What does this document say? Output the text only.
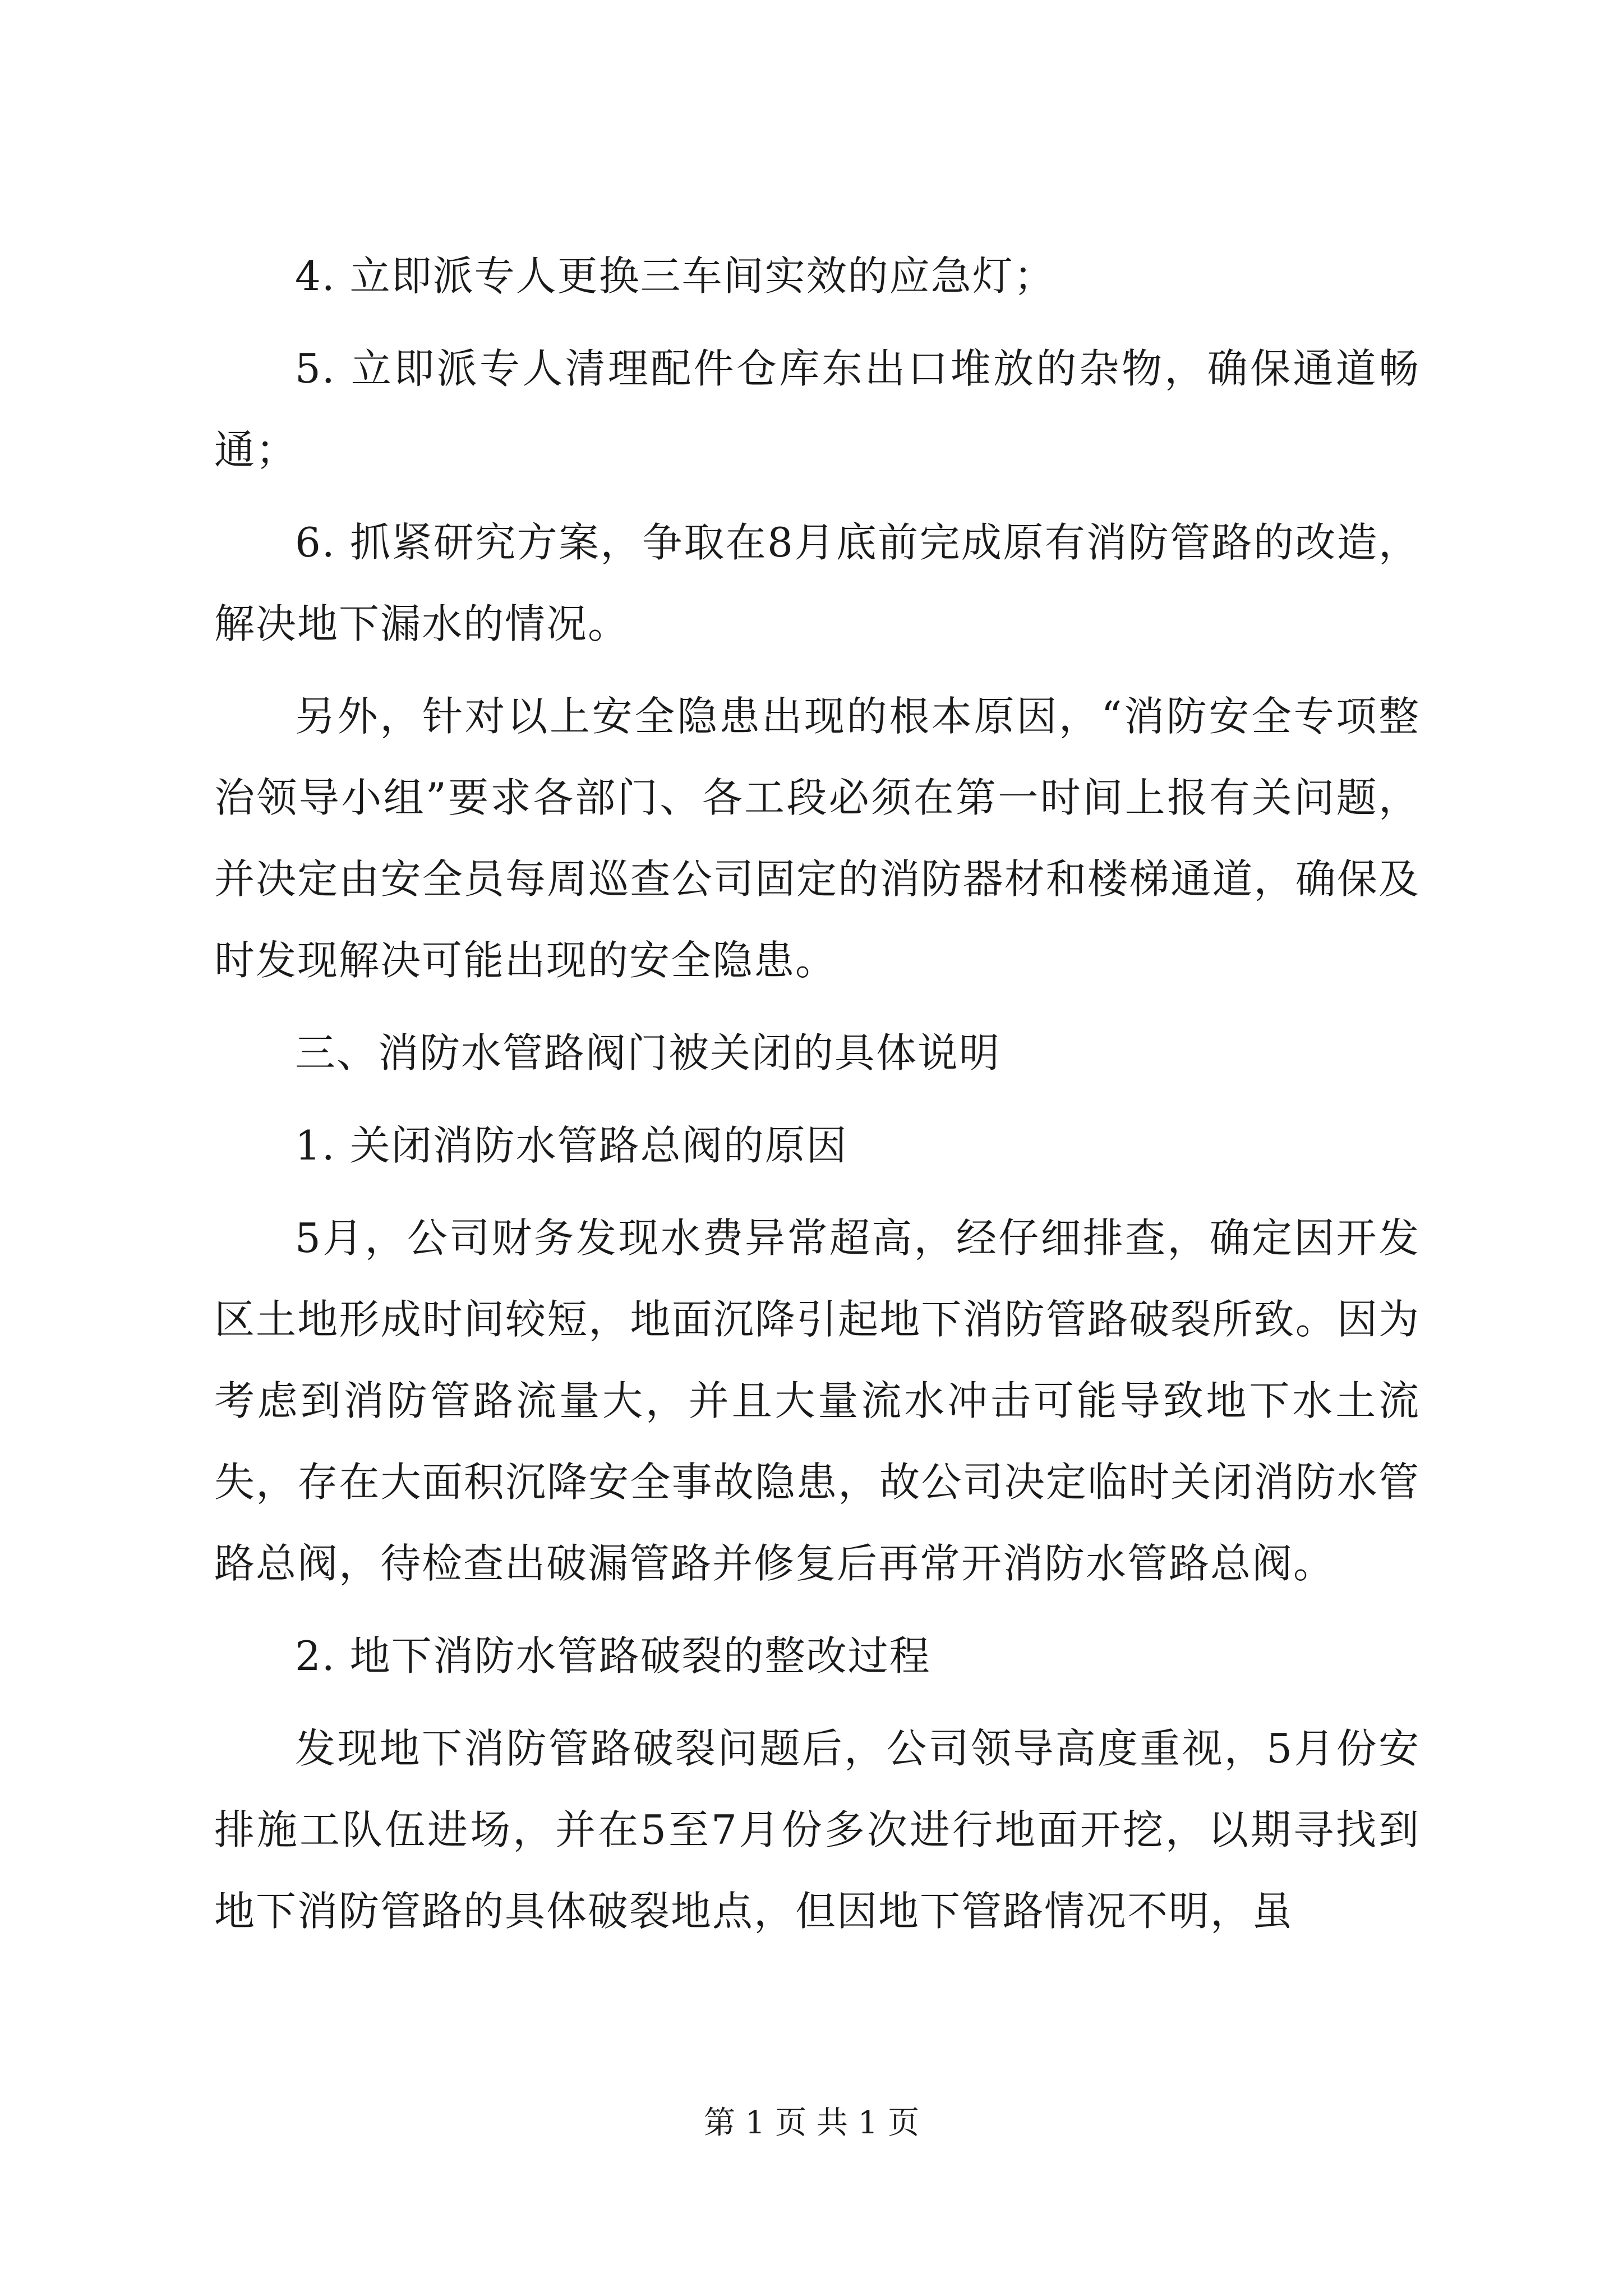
4. 立即派专人更换三车间实效的应急灯；

5. 立即派专人清理配件仓库东出口堆放的杂物，确保通道畅通；

6. 抓紧研究方案，争取在8月底前完成原有消防管路的改造，解决地下漏水的情况。

另外，针对以上安全隐患出现的根本原因，“消防安全专项整治领导小组”要求各部门、各工段必须在第一时间上报有关问题，并决定由安全员每周巡查公司固定的消防器材和楼梯通道，确保及时发现解决可能出现的安全隐患。

三、消防水管路阀门被关闭的具体说明

1. 关闭消防水管路总阀的原因

5月，公司财务发现水费异常超高，经仔细排查，确定因开发区土地形成时间较短，地面沉降引起地下消防管路破裂所致。因为考虑到消防管路流量大，并且大量流水冲击可能导致地下水土流失，存在大面积沉降安全事故隐患，故公司决定临时关闭消防水管路总阀，待检查出破漏管路并修复后再常开消防水管路总阀。

2. 地下消防水管路破裂的整改过程

发现地下消防管路破裂问题后，公司领导高度重视，5月份安排施工队伍进场，并在5至7月份多次进行地面开挖，以期寻找到地下消防管路的具体破裂地点，但因地下管路情况不明，虽

第 1 页 共 1 页
